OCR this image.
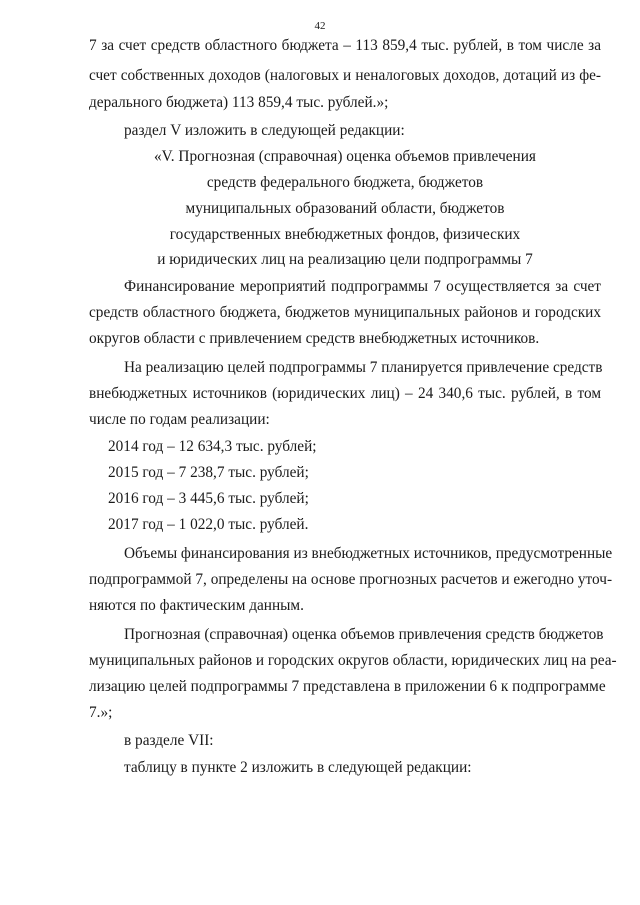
42
7 за счет средств областного бюджета – 113 859,4 тыс. рублей, в том числе за
счет собственных доходов (налоговых и неналоговых доходов, дотаций из фе-
дерального бюджета) 113 859,4 тыс. рублей.»;
раздел V изложить в следующей редакции:
«V. Прогнозная (справочная) оценка объемов привлечения
средств федерального бюджета, бюджетов
муниципальных образований области, бюджетов
государственных внебюджетных фондов, физических
и юридических лиц на реализацию цели подпрограммы 7
Финансирование мероприятий подпрограммы 7 осуществляется за счет
средств областного бюджета, бюджетов муниципальных районов и городских
округов области с привлечением средств внебюджетных источников.
На реализацию целей подпрограммы 7 планируется привлечение средств
внебюджетных источников (юридических лиц) – 24 340,6 тыс. рублей, в том
числе по годам реализации:
2014 год – 12 634,3 тыс. рублей;
2015 год – 7 238,7 тыс. рублей;
2016 год – 3 445,6 тыс. рублей;
2017 год – 1 022,0 тыс. рублей.
Объемы финансирования из внебюджетных источников, предусмотренные
подпрограммой 7, определены на основе прогнозных расчетов и ежегодно уточ-
няются по фактическим данным.
Прогнозная (справочная) оценка объемов привлечения средств бюджетов
муниципальных районов и городских округов области, юридических лиц на реа-
лизацию целей подпрограммы 7 представлена в приложении 6 к подпрограмме
7.»;
в разделе VII:
таблицу в пункте 2 изложить в следующей редакции:
